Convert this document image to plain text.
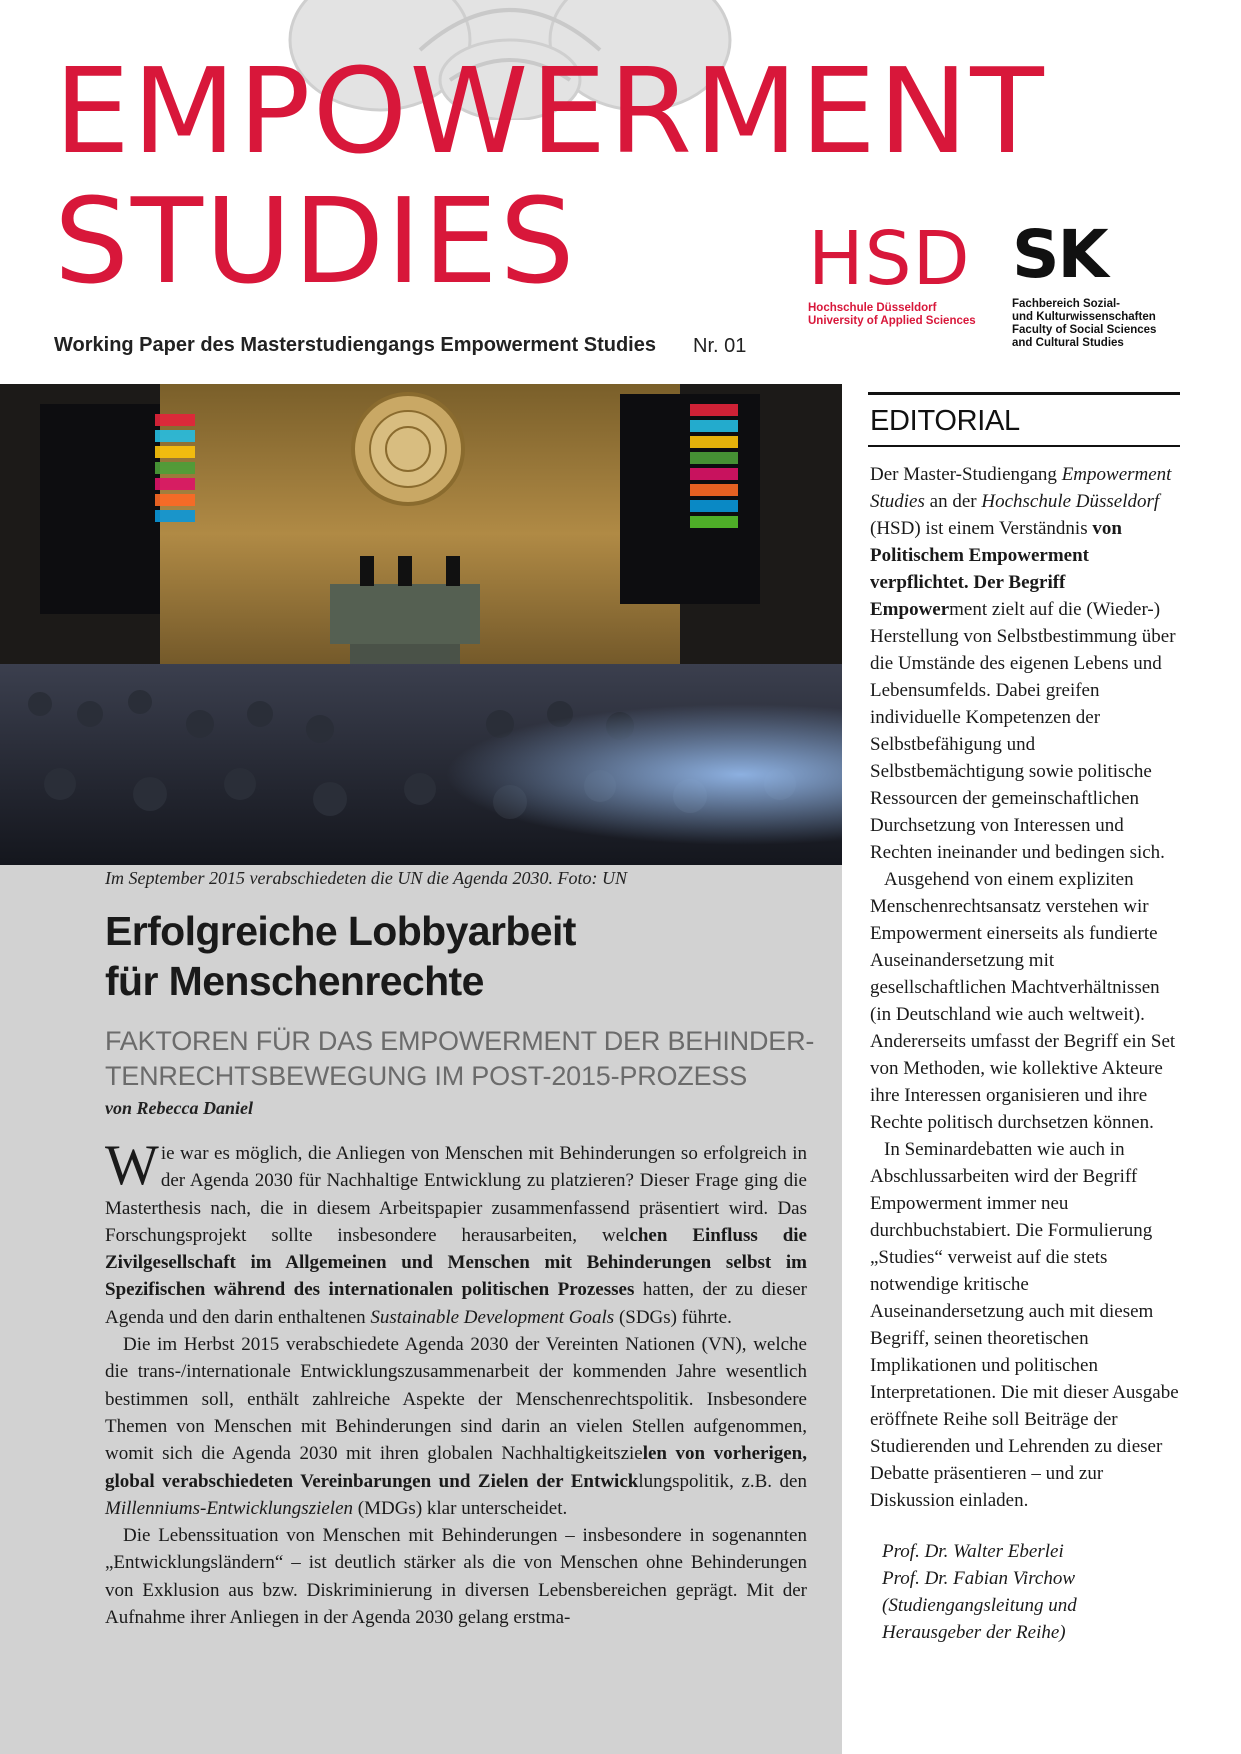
EMPOWERMENT
STUDIES	HSD
Hochschule Düsseldorf
University of Applied Sciences
SK
Fachbereich Sozial-
und Kulturwissenschaften
Faculty of Social Sciences
and Cultural Studies
Working Paper des Masterstudiengangs Empowerment Studies Nr. 01
Im September 2015 verabschiedeten die UN die Agenda 2030. Foto: UN
Erfolgreiche Lobbyarbeit
für Menschenrechte
FAKTOREN FÜR DAS EMPOWERMENT DER BEHINDER-
TENRECHTSBEWEGUNG IM POST-2015-PROZESS
von Rebecca Daniel

Wie war es möglich, die Anliegen von Menschen mit Behinderungen so erfolgreich in der Agenda 2030 für Nachhaltige Entwicklung zu platzieren? Dieser Frage ging die Masterthesis nach, die in diesem Arbeitspapier zusammenfassend präsentiert wird. Das Forschungsprojekt sollte insbesondere herausarbeiten, welchen Einfluss die Zivilgesellschaft im Allgemeinen und Menschen mit Behinderungen selbst im Spezifischen während des internationalen politischen Prozesses hatten, der zu dieser Agenda und den darin enthaltenen Sustainable Development Goals (SDGs) führte.

Die im Herbst 2015 verabschiedete Agenda 2030 der Vereinten Nationen (VN), welche die trans-/internationale Entwicklungszusammenarbeit der kommenden Jahre wesentlich bestimmen soll, enthält zahlreiche Aspekte der Menschenrechtspolitik. Insbesondere Themen von Menschen mit Behinderungen sind darin an vielen Stellen aufgenommen, womit sich die Agenda 2030 mit ihren globalen Nachhaltigkeitszielen von vorherigen, global verabschiedeten Vereinbarungen und Zielen der Entwicklungspolitik, z.B. den Millenniums-Entwicklungszielen (MDGs) klar unterscheidet.

Die Lebenssituation von Menschen mit Behinderungen – insbesondere in sogenannten „Entwicklungsländern“ – ist deutlich stärker als die von Menschen ohne Behinderungen von Exklusion aus bzw. Diskriminierung in diversen Lebensbereichen geprägt. Mit der Aufnahme ihrer Anliegen in der Agenda 2030 gelang erstma-

EDITORIAL

Der Master-Studiengang Empowerment Studies an der Hochschule Düsseldorf (HSD) ist einem Verständnis von Politischem Empowerment verpflichtet. Der Begriff Empowerment zielt auf die (Wieder-) Herstellung von Selbstbestimmung über die Umstände des eigenen Lebens und Lebensumfelds. Dabei greifen individuelle Kompetenzen der Selbstbefähigung und Selbstbemächtigung sowie politische Ressourcen der gemeinschaftlichen Durchsetzung von Interessen und Rechten ineinander und bedingen sich.

Ausgehend von einem expliziten Menschenrechtsansatz verstehen wir Empowerment einerseits als fundierte Auseinandersetzung mit gesellschaftlichen Machtverhältnissen (in Deutschland wie auch weltweit). Andererseits umfasst der Begriff ein Set von Methoden, wie kollektive Akteure ihre Interessen organisieren und ihre Rechte politisch durchsetzen können.

In Seminardebatten wie auch in Abschlussarbeiten wird der Begriff Empowerment immer neu durchbuchstabiert. Die Formulierung „Studies“ verweist auf die stets notwendige kritische Auseinandersetzung auch mit diesem Begriff, seinen theoretischen Implikationen und politischen Interpretationen. Die mit dieser Ausgabe eröffnete Reihe soll Beiträge der Studierenden und Lehrenden zu dieser Debatte präsentieren – und zur Diskussion einladen.

Prof. Dr. Walter Eberlei
Prof. Dr. Fabian Virchow
(Studiengangsleitung und
Herausgeber der Reihe)
